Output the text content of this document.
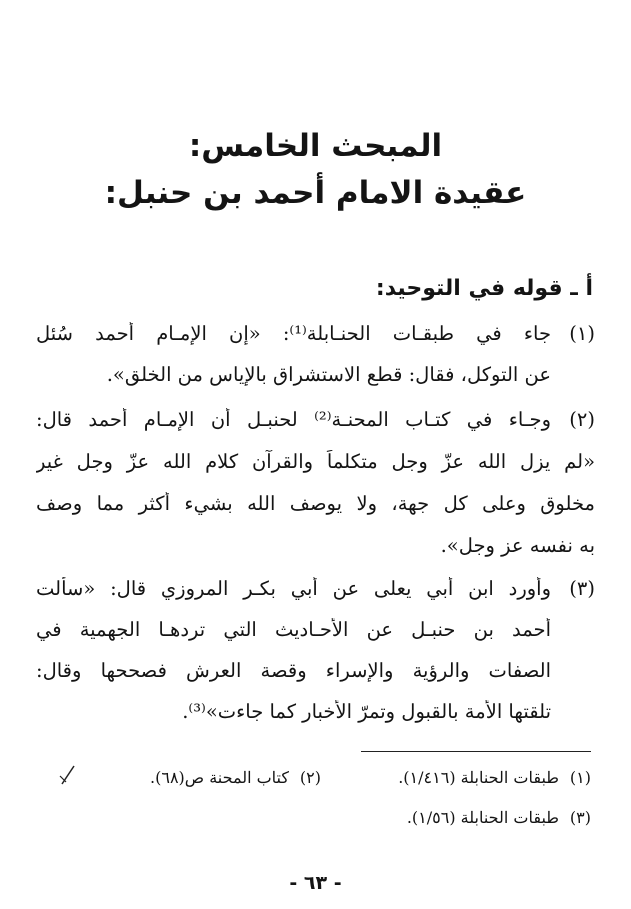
المبحث الخامس:
عقيدة الامام أحمد بن حنبل:
أ ـ قوله في التوحيد:
(١)
جاء في طبقـات الحنـابلة⁽¹⁾: «إن الإمـام أحمد سُئل
عن التوكل، فقال: قطع الاستشراق بالإياس من الخلق».
(٢)
وجـاء في كتـاب المحنـة⁽²⁾ لحنبـل أن الإمـام أحمد قال:
«لم يزل الله عزّ وجل متكلماً والقرآن كلام الله عزّ وجل غير
مخلوق وعلى كل جهة، ولا يوصف الله بشيء أكثر مما وصف
به نفسه عز وجل».
(٣)
وأورد ابن أبي يعلى عن أبي بكـر المروزي قال: «سألت
أحمد بن حنبـل عن الأحـاديث التي تردهـا الجهمية في
الصفات والرؤية والإسراء وقصة العرش فصححها وقال:
تلقتها الأمة بالقبول وتمرّ الأخبار كما جاءت»⁽³⁾.
(١)
طبقات الحنابلة (١/٤١٦).
(٢)
كتاب المحنة ص(٦٨).
(٣)
طبقات الحنابلة (١/٥٦).
- ٦٣ -
